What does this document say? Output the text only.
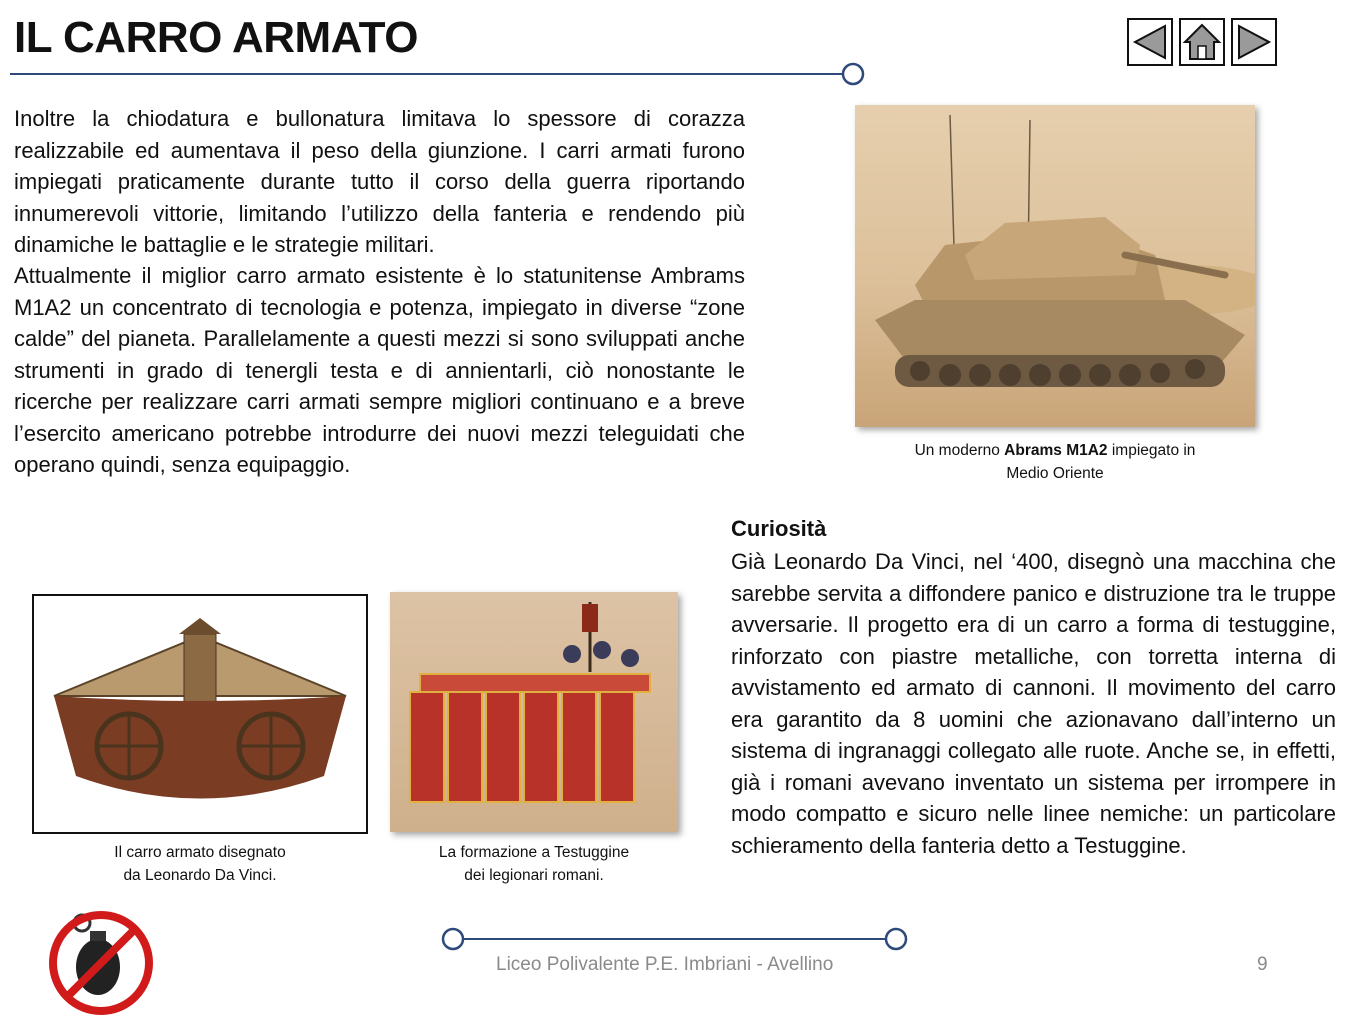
IL CARRO ARMATO

Inoltre la chiodatura e bullonatura limitava lo spessore di corazza realizzabile ed aumentava il peso della giunzione. I carri armati furono impiegati praticamente durante tutto il corso della guerra riportando innumerevoli vittorie, limitando l’utilizzo della fanteria e rendendo più dinamiche le battaglie e le strategie militari.

Attualmente il miglior carro armato esistente è lo statunitense Ambrams M1A2 un concentrato di tecnologia e potenza, impiegato in diverse “zone calde” del pianeta. Parallelamente a questi mezzi si sono sviluppati anche strumenti in grado di tenergli testa e di annientarli, ciò nonostante le ricerche per realizzare carri armati sempre migliori continuano e a breve l’esercito americano potrebbe introdurre dei nuovi mezzi teleguidati che operano quindi, senza equipaggio.

Un moderno Abrams M1A2 impiegato in
Medio Oriente
Il carro armato disegnato
da Leonardo Da Vinci.
La formazione a Testuggine
dei legionari romani.

Curiosità

Già Leonardo Da Vinci, nel ‘400, disegnò una macchina che sarebbe servita a diffondere panico e distruzione tra le truppe avversarie. Il progetto era di un carro a forma di testuggine, rinforzato con piastre metalliche, con torretta interna di avvistamento ed armato di cannoni. Il movimento del carro era garantito da 8 uomini che azionavano dall’interno un sistema di ingranaggi collegato alle ruote. Anche se, in effetti, già i romani avevano inventato un sistema per irrompere in modo compatto e sicuro nelle linee nemiche: un particolare schieramento della fanteria detto a Testuggine.

Liceo Polivalente P.E. Imbriani - Avellino	9
